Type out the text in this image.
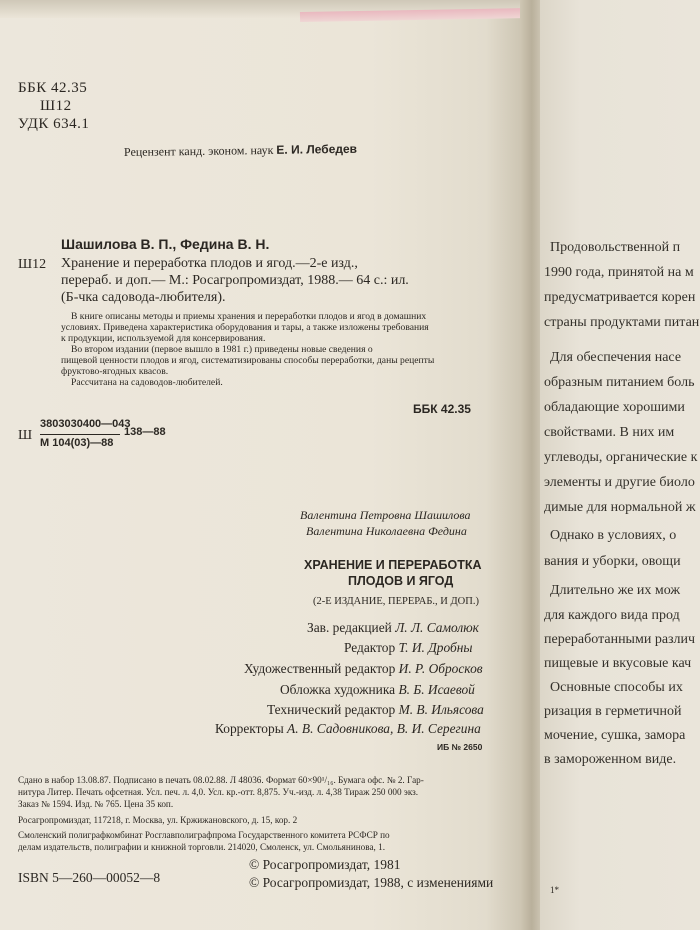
ББК 42.35
Ш12
УДК 634.1
Рецензент канд. эконом. наук Е. И. Лебедев
Шашилова В. П., Федина В. Н.
Ш12 Хранение и переработка плодов и ягод.—2-е изд.,
перераб. и доп.— М.: Росагропромиздат, 1988.— 64 с.: ил.
(Б-чка садовода-любителя).
В книге описаны методы и приемы хранения и переработки плодов и ягод в домашних
условиях. Приведена характеристика оборудования и тары, а также изложены требования
к продукции, используемой для консервирования.
Во втором издании (первое вышло в 1981 г.) приведены новые сведения о
пищевой ценности плодов и ягод, систематизированы способы переработки, даны рецепты
фруктово-ягодных квасов.
Рассчитана на садоводов-любителей.
ББК 42.35
Ш
3803030400—043
М 104(03)—88
138—88
Валентина Петровна Шашилова
Валентина Николаевна Федина
ХРАНЕНИЕ И ПЕРЕРАБОТКА
ПЛОДОВ И ЯГОД
(2-Е ИЗДАНИЕ, ПЕРЕРАБ., И ДОП.)
Зав. редакцией Л. Л. Самолюк
Редактор Т. И. Дробны
Художественный редактор И. Р. Обросков
Обложка художника В. Б. Исаевой
Технический редактор М. В. Ильясова
Корректоры А. В. Садовникова, В. И. Серегина
ИБ № 2650
Сдано в набор 13.08.87. Подписано в печать 08.02.88. Л 48036. Формат 60×90¹/₁₆. Бумага офс. № 2. Гар-
нитура Литер. Печать офсетная. Усл. печ. л. 4,0. Усл. кр.-отт. 8,875. Уч.-изд. л. 4,38 Тираж 250 000 экз.
Заказ № 1594. Изд. № 765. Цена 35 коп.
Росагропромиздат, 117218, г. Москва, ул. Кржижановского, д. 15, кор. 2
Смоленский полиграфкомбинат Росглавполиграфпрома Государственного комитета РСФСР по
делам издательств, полиграфии и книжной торговли. 214020, Смоленск, ул. Смольянинова, 1.
ISBN 5—260—00052—8
© Росагропромиздат, 1981
© Росагропромиздат, 1988, с изменениями
Продовольственной п
1990 года, принятой на м
предусматривается корен
страны продуктами питан
Для обеспечения насе
образным питанием боль
обладающие хорошими
свойствами. В них им
углеводы, органические к
элементы и другие биоло
димые для нормальной ж
Однако в условиях, о
вания и уборки, овощи
Длительно же их мож
для каждого вида прод
переработанными различ
пищевые и вкусовые кач
Основные способы их
ризация в герметичной
мочение, сушка, замора
в замороженном виде.
1*
